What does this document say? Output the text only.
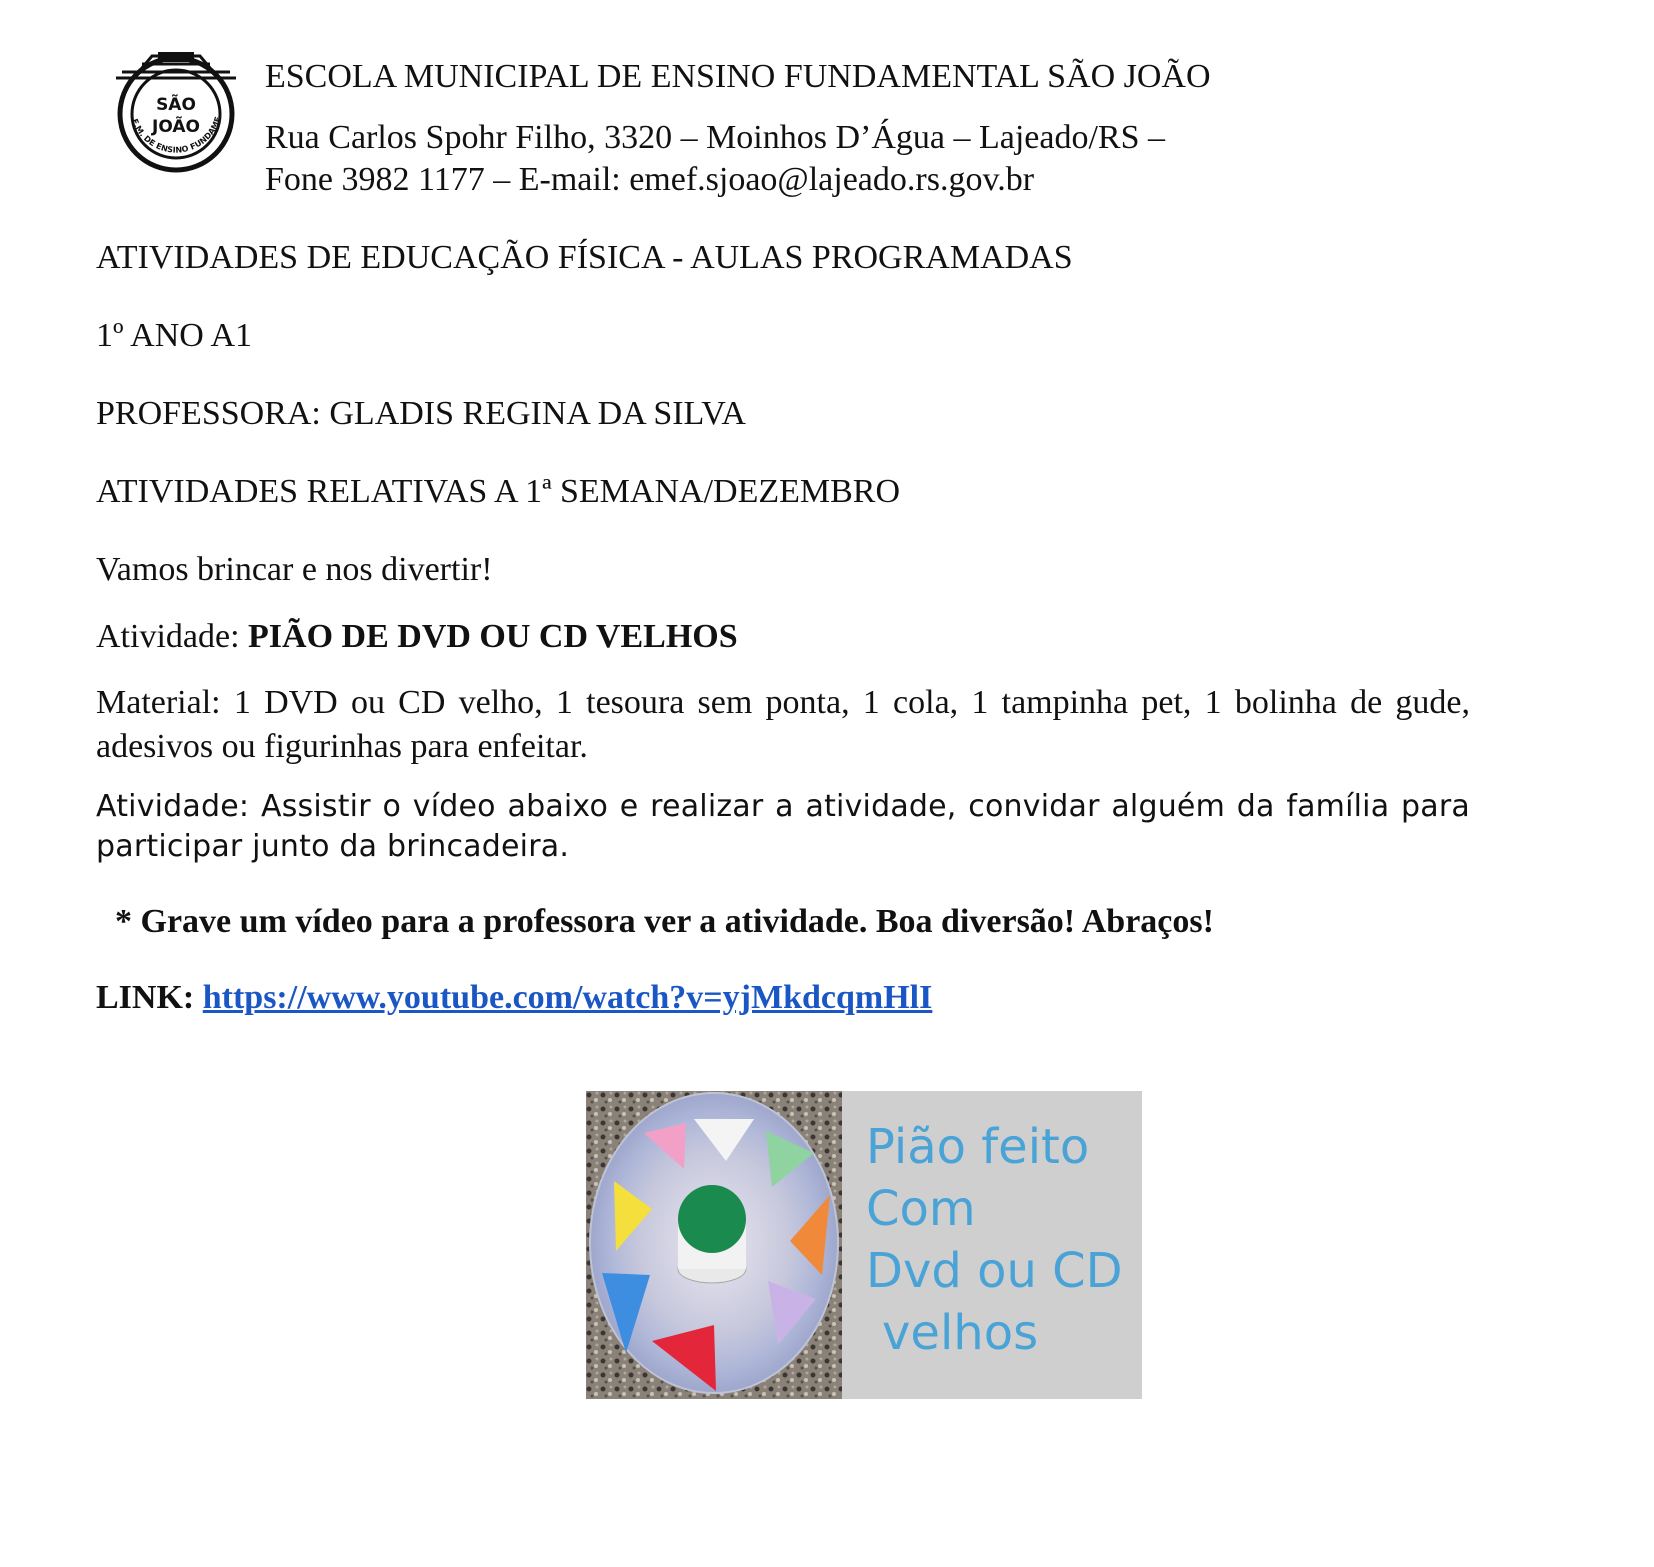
SÃO
JOÃO
E.M. DE ENSINO FUNDAME
ESCOLA MUNICIPAL DE ENSINO FUNDAMENTAL SÃO JOÃO
Rua Carlos Spohr Filho, 3320 – Moinhos D’Água – Lajeado/RS –
Fone 3982 1177 – E-mail: emef.sjoao@lajeado.rs.gov.br
ATIVIDADES DE EDUCAÇÃO FÍSICA - AULAS PROGRAMADAS
1º ANO A1
PROFESSORA: GLADIS REGINA DA SILVA
ATIVIDADES RELATIVAS A 1ª SEMANA/DEZEMBRO
Vamos brincar e nos divertir!
Atividade: PIÃO DE DVD OU CD VELHOS
Material: 1 DVD ou CD velho, 1 tesoura sem ponta, 1 cola, 1 tampinha pet, 1 bolinha de gude, adesivos ou figurinhas para enfeitar.
Atividade: Assistir o vídeo abaixo e realizar a atividade, convidar alguém da família para participar junto da brincadeira.
* Grave um vídeo para a professora ver a atividade. Boa diversão! Abraços!
LINK: https://www.youtube.com/watch?v=yjMkdcqmHlI
Pião feito
Com
Dvd ou CD
velhos
